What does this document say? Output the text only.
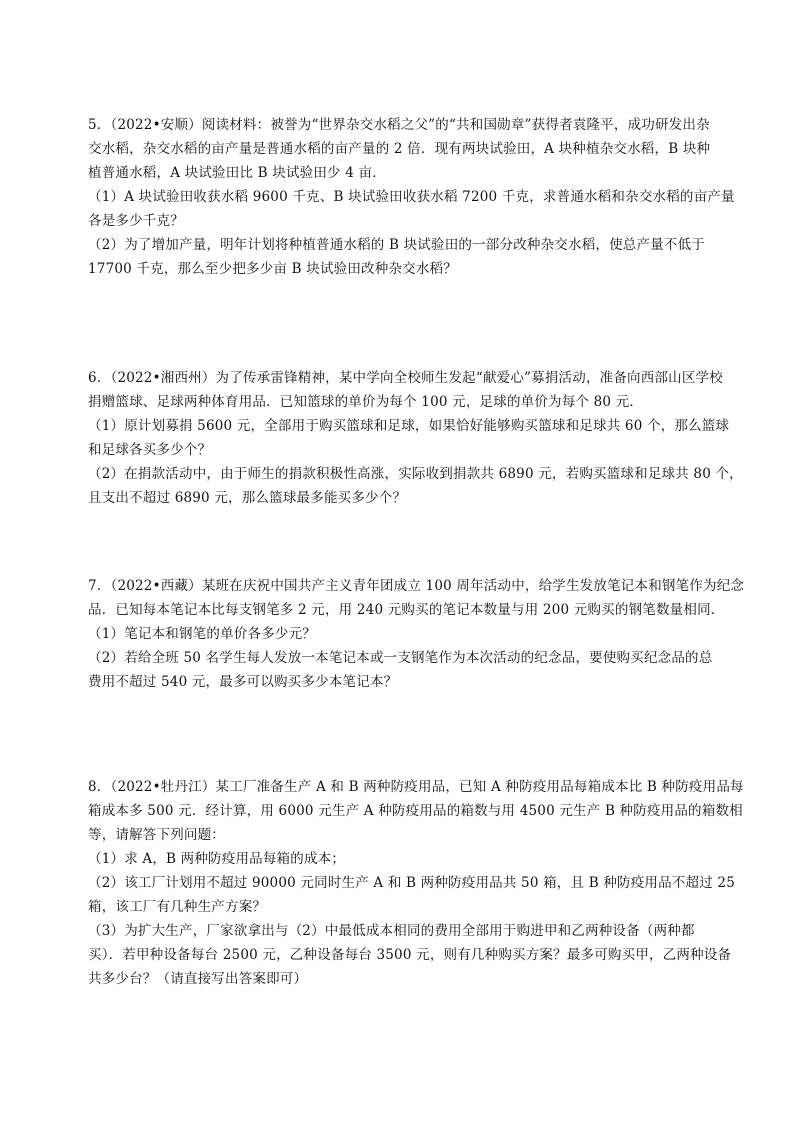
5．（2022•安顺）阅读材料：被誉为“世界杂交水稻之父”的“共和国勋章”获得者袁隆平，成功研发出杂
交水稻，杂交水稻的亩产量是普通水稻的亩产量的 2 倍．现有两块试验田，A 块种植杂交水稻，B 块种
植普通水稻，A 块试验田比 B 块试验田少 4 亩．
（1）A 块试验田收获水稻 9600 千克、B 块试验田收获水稻 7200 千克，求普通水稻和杂交水稻的亩产量
各是多少千克？
（2）为了增加产量，明年计划将种植普通水稻的 B 块试验田的一部分改种杂交水稻，使总产量不低于
17700 千克，那么至少把多少亩 B 块试验田改种杂交水稻？
6．（2022•湘西州）为了传承雷锋精神，某中学向全校师生发起“献爱心”募捐活动，准备向西部山区学校
捐赠篮球、足球两种体育用品．已知篮球的单价为每个 100 元，足球的单价为每个 80 元．
（1）原计划募捐 5600 元，全部用于购买篮球和足球，如果恰好能够购买篮球和足球共 60 个，那么篮球
和足球各买多少个？
（2）在捐款活动中，由于师生的捐款积极性高涨，实际收到捐款共 6890 元，若购买篮球和足球共 80 个，
且支出不超过 6890 元，那么篮球最多能买多少个？
7．（2022•西藏）某班在庆祝中国共产主义青年团成立 100 周年活动中，给学生发放笔记本和钢笔作为纪念
品．已知每本笔记本比每支钢笔多 2 元，用 240 元购买的笔记本数量与用 200 元购买的钢笔数量相同．
（1）笔记本和钢笔的单价各多少元？
（2）若给全班 50 名学生每人发放一本笔记本或一支钢笔作为本次活动的纪念品，要使购买纪念品的总
费用不超过 540 元，最多可以购买多少本笔记本？
8．（2022•牡丹江）某工厂准备生产 A 和 B 两种防疫用品，已知 A 种防疫用品每箱成本比 B 种防疫用品每
箱成本多 500 元．经计算，用 6000 元生产 A 种防疫用品的箱数与用 4500 元生产 B 种防疫用品的箱数相
等，请解答下列问题：
（1）求 A，B 两种防疫用品每箱的成本；
（2）该工厂计划用不超过 90000 元同时生产 A 和 B 两种防疫用品共 50 箱，且 B 种防疫用品不超过 25
箱，该工厂有几种生产方案？
（3）为扩大生产，厂家欲拿出与（2）中最低成本相同的费用全部用于购进甲和乙两种设备（两种都
买）．若甲种设备每台 2500 元，乙种设备每台 3500 元，则有几种购买方案？最多可购买甲，乙两种设备
共多少台？（请直接写出答案即可）
